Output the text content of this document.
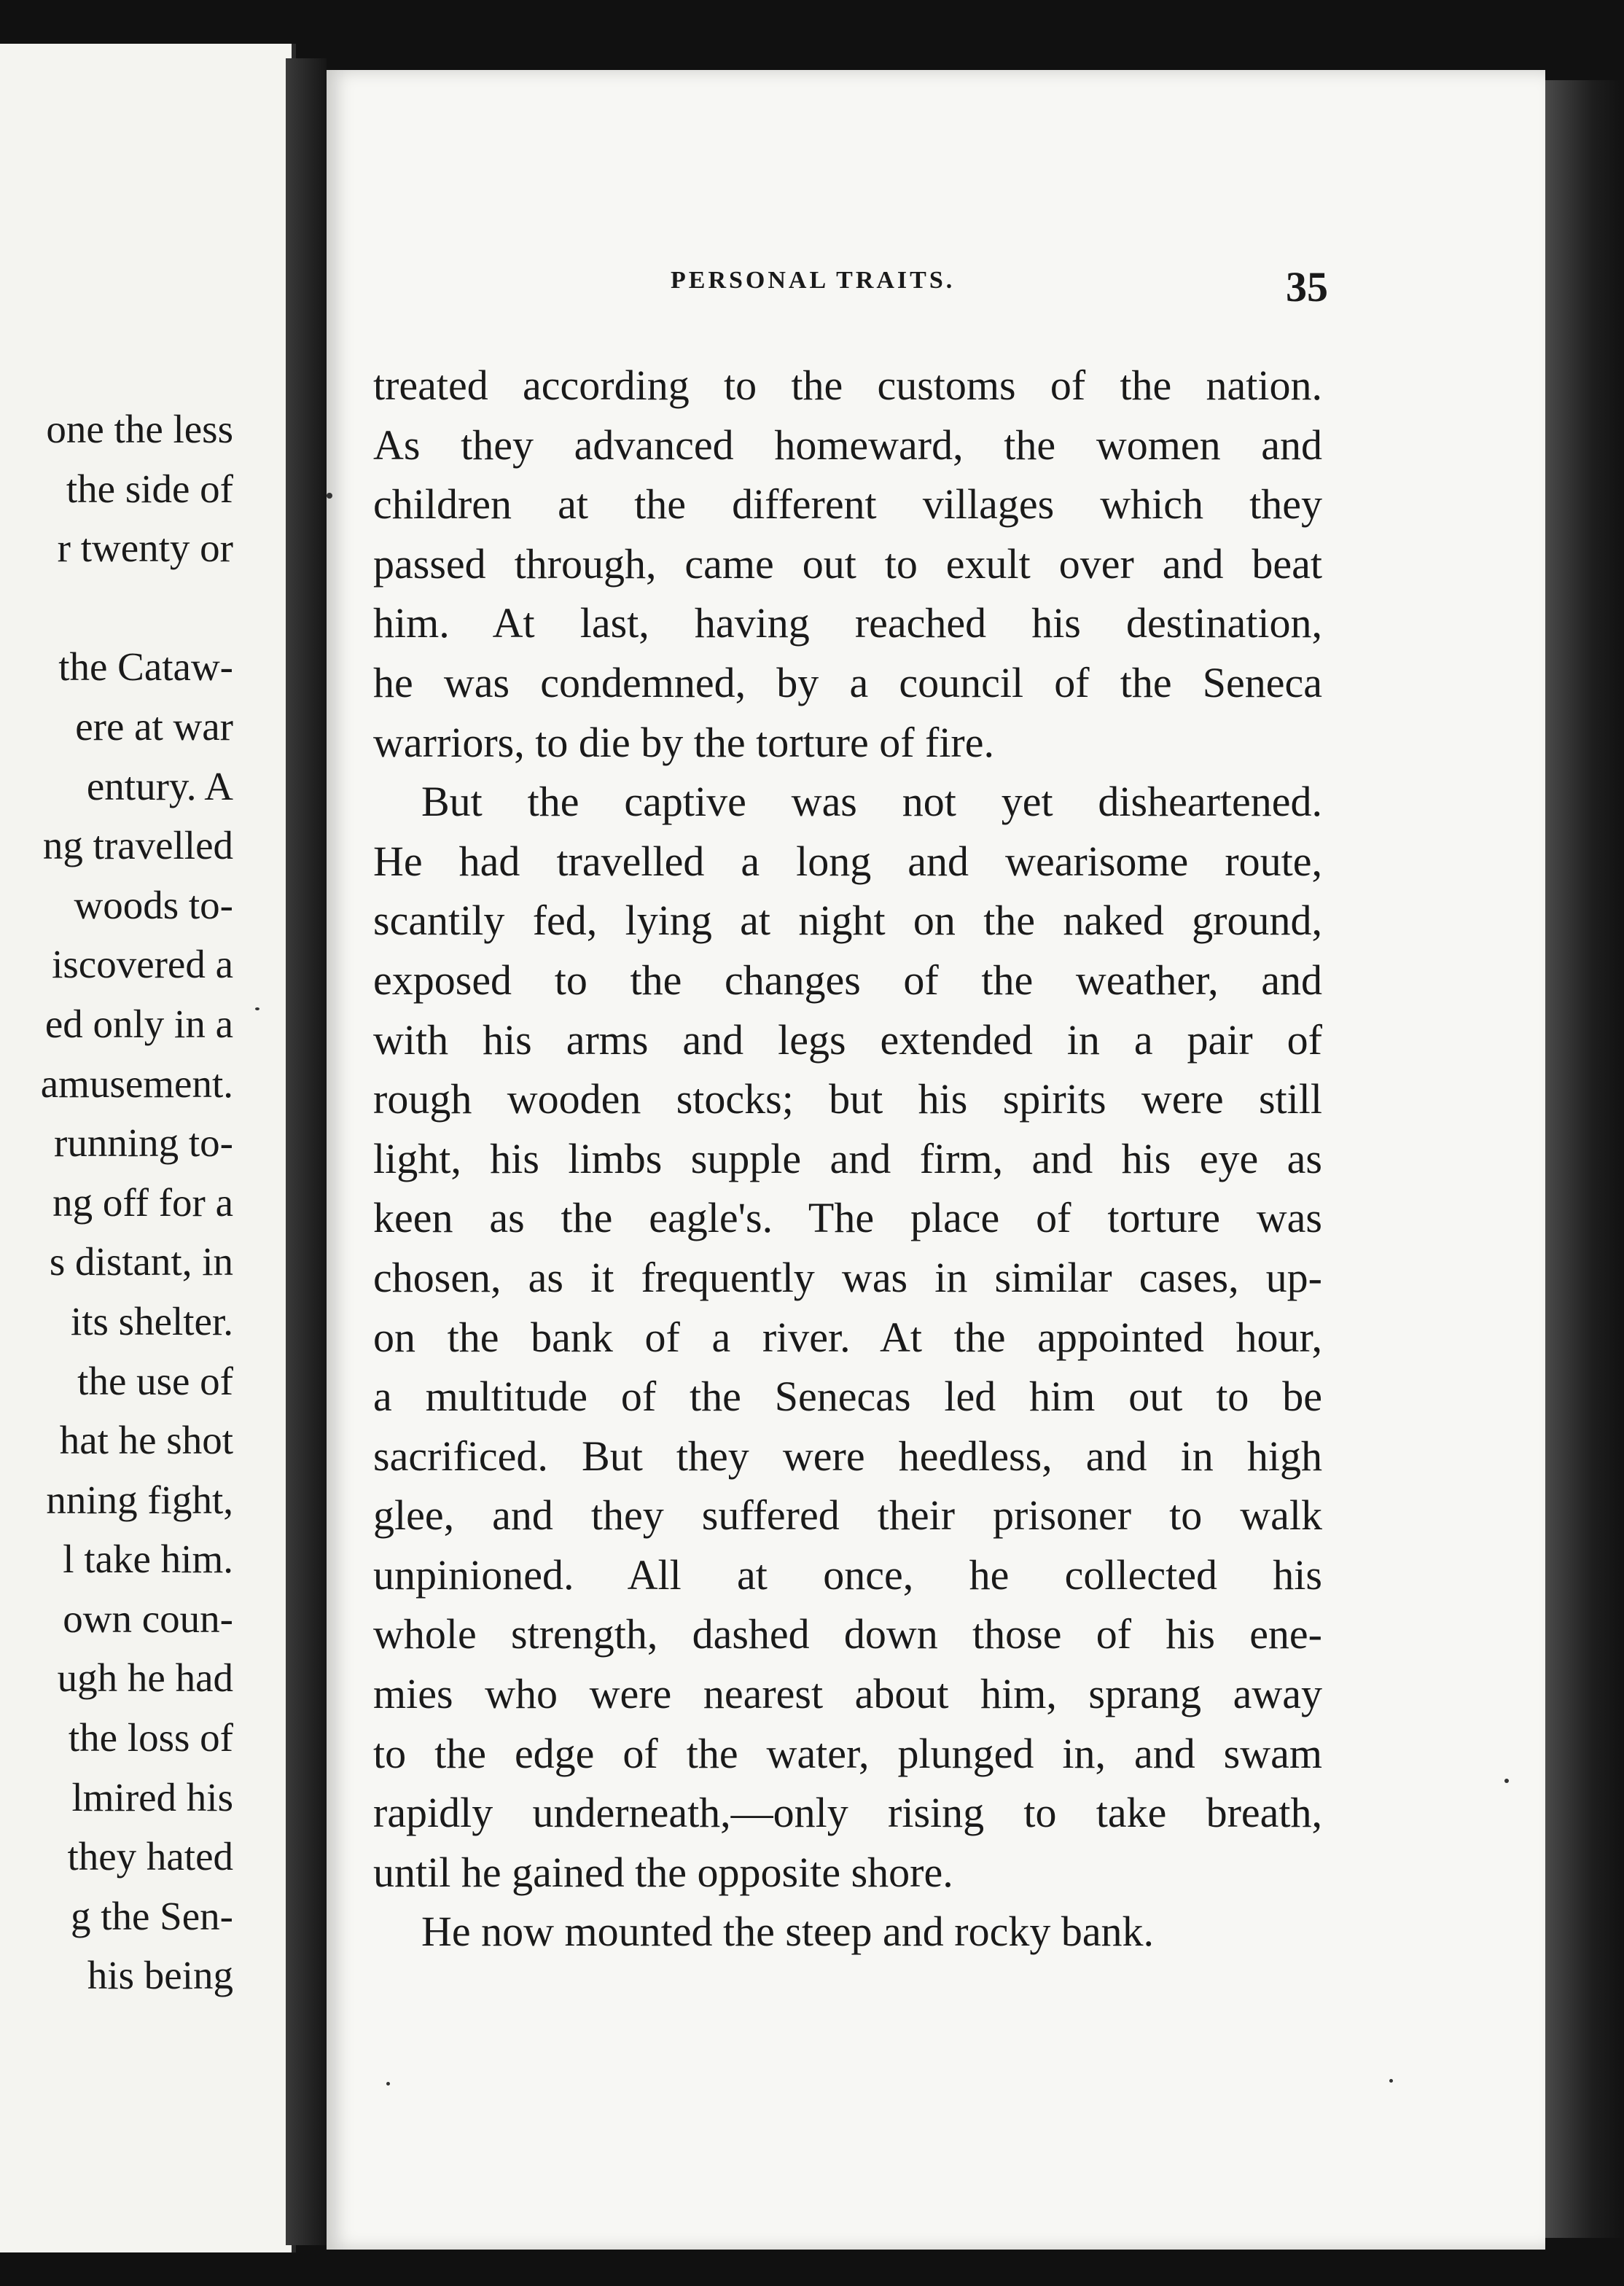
one the less
the side of
r twenty or
the Cataw-
ere at war
entury. A
ng travelled
woods to-
iscovered a
ed only in a
amusement.
running to-
ng off for a
s distant, in
its shelter.
the use of
hat he shot
nning fight,
l take him.
own coun-
ugh he had
the loss of
lmired his
they hated
g the Sen-
his being
PERSONAL TRAITS.	35
treated according to the customs of the nation.
As they advanced homeward, the women and
children at the different villages which they
passed through, came out to exult over and beat
him. At last, having reached his destination,
he was condemned, by a council of the Seneca
warriors, to die by the torture of fire.
But the captive was not yet disheartened.
He had travelled a long and wearisome route,
scantily fed, lying at night on the naked ground,
exposed to the changes of the weather, and
with his arms and legs extended in a pair of
rough wooden stocks; but his spirits were still
light, his limbs supple and firm, and his eye as
keen as the eagle's. The place of torture was
chosen, as it frequently was in similar cases, up-
on the bank of a river. At the appointed hour,
a multitude of the Senecas led him out to be
sacrificed. But they were heedless, and in high
glee, and they suffered their prisoner to walk
unpinioned. All at once, he collected his
whole strength, dashed down those of his ene-
mies who were nearest about him, sprang away
to the edge of the water, plunged in, and swam
rapidly underneath,—only rising to take breath,
until he gained the opposite shore.
He now mounted the steep and rocky bank.
